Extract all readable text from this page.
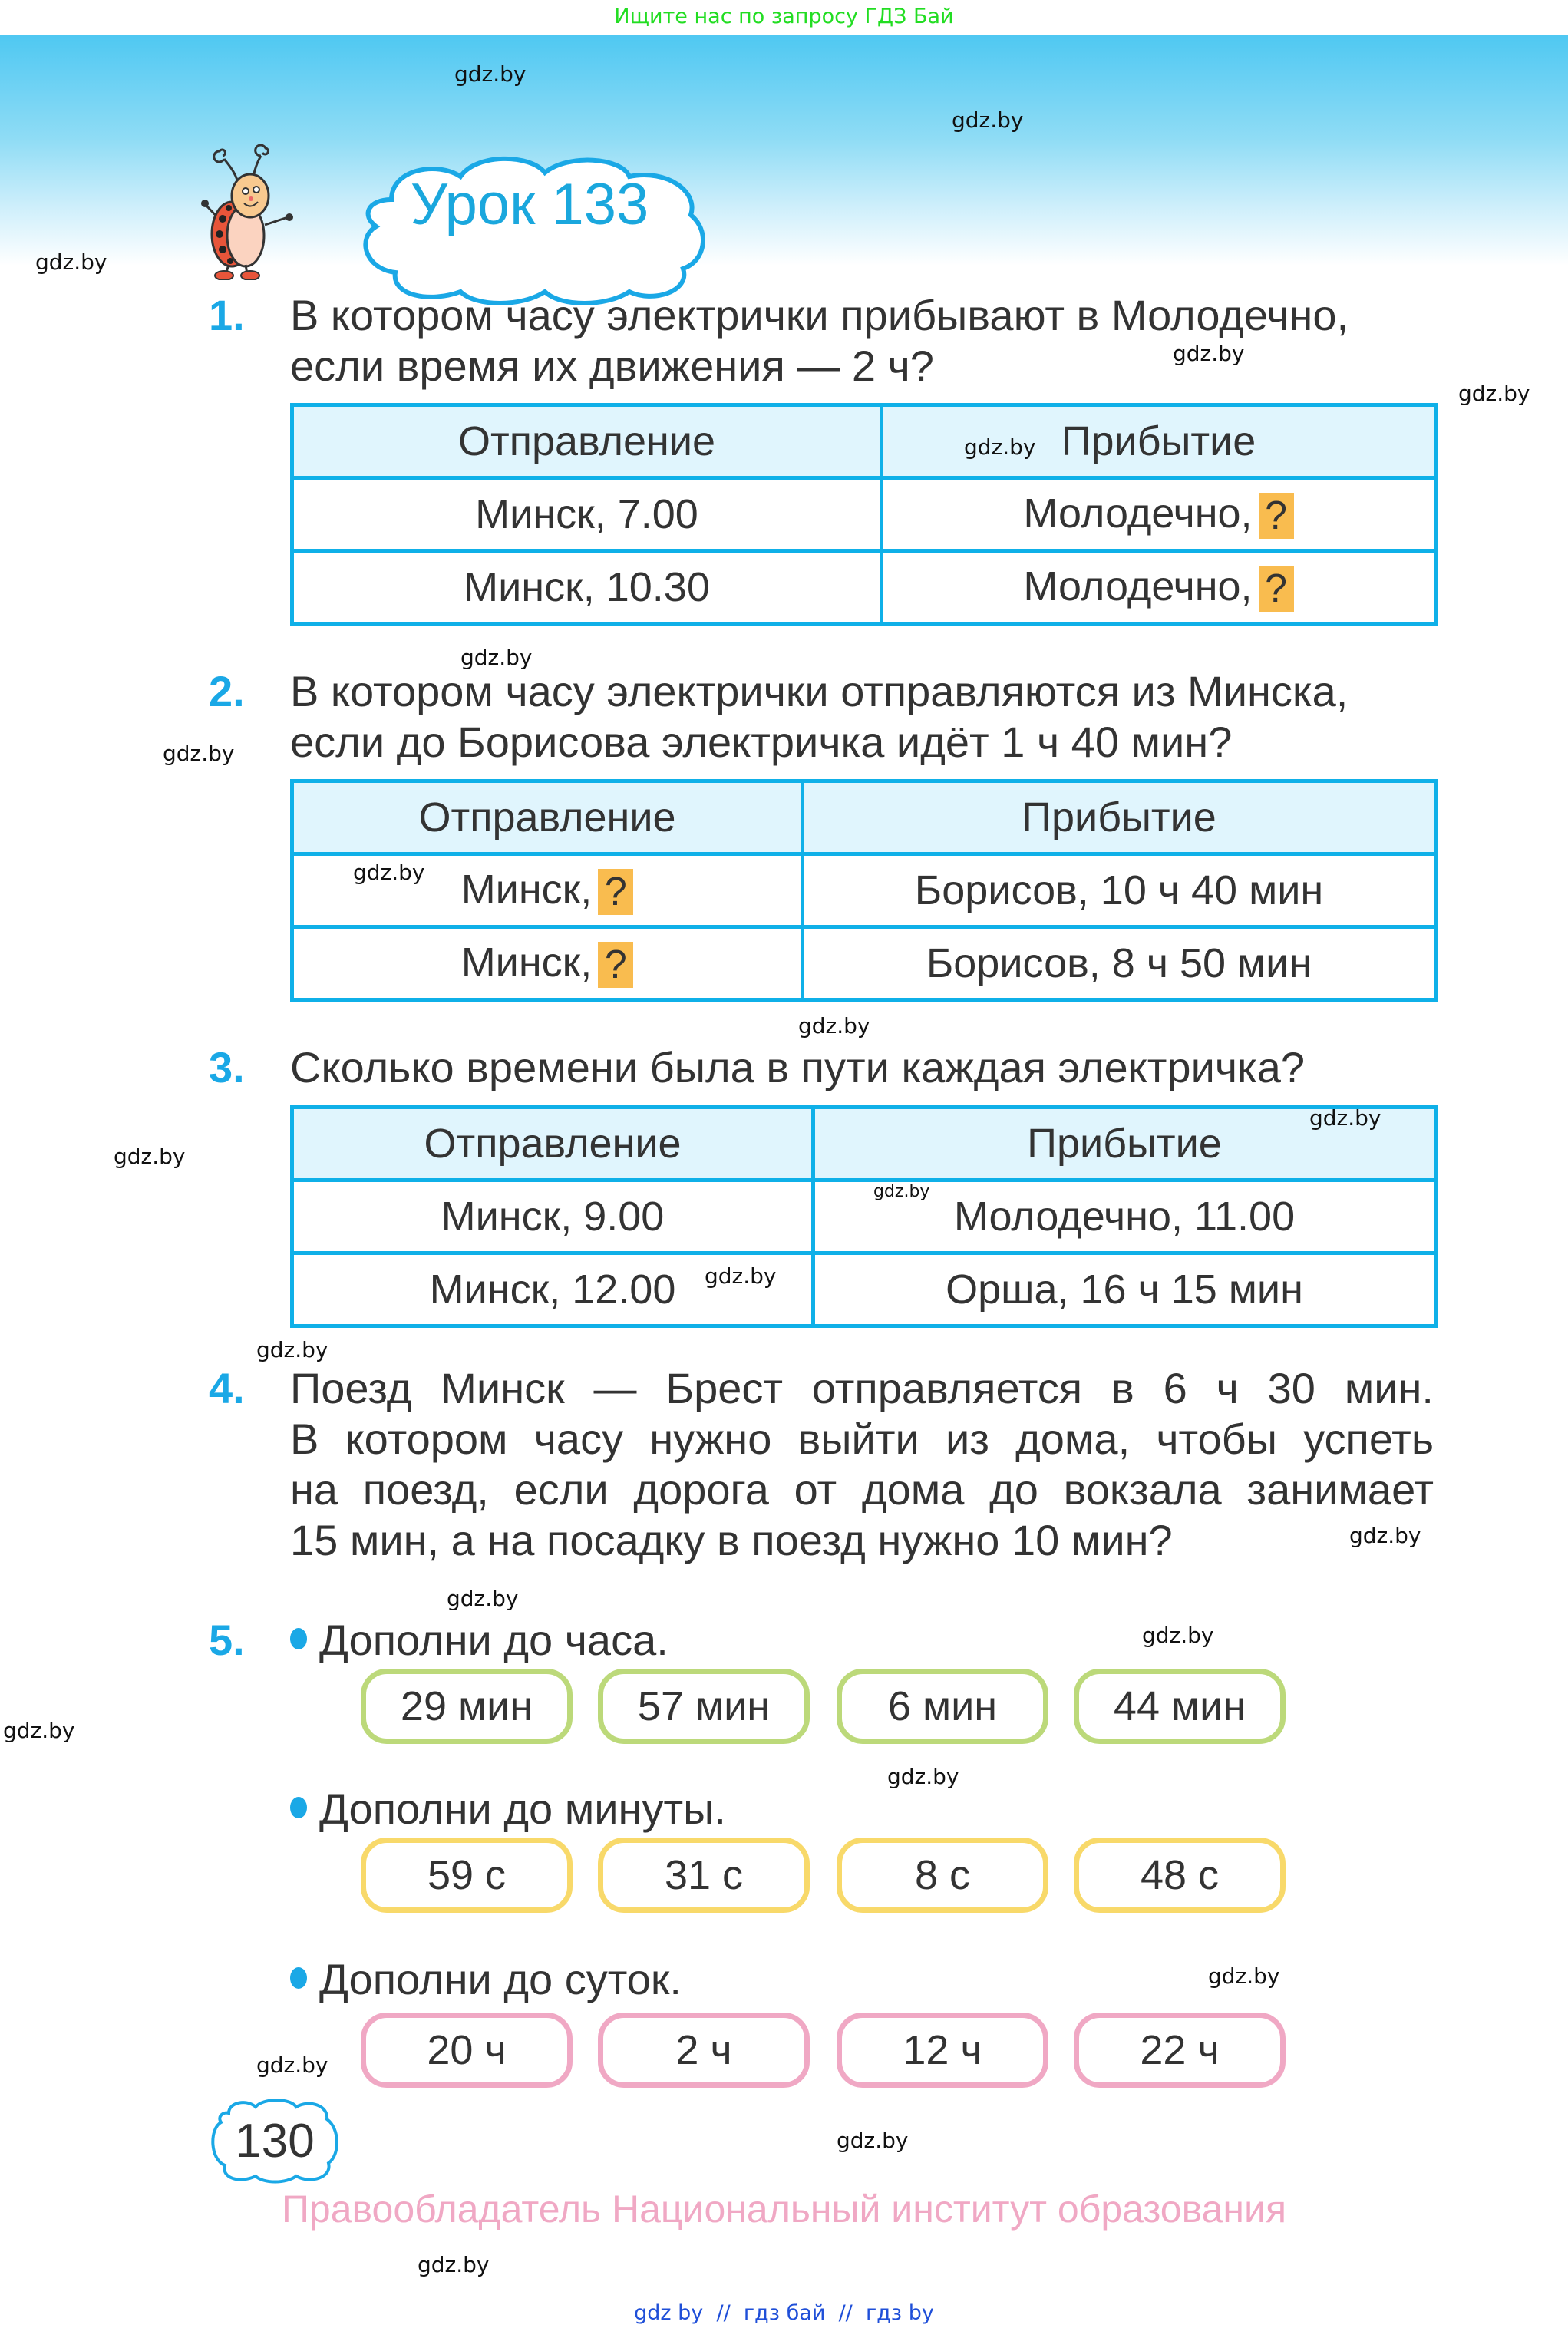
Ищите нас по запросу ГДЗ Бай
Урок 133
1. В котором часу электрички прибывают в Молодечно,
если время их движения — 2 ч?
Отправление	Прибытие
Минск, 7.00	Молодечно, ?
Минск, 10.30	Молодечно, ?
2. В котором часу электрички отправляются из Минска,
если до Борисова электричка идёт 1 ч 40 мин?
Отправление	Прибытие
Минск, ?	Борисов, 10 ч 40 мин
Минск, ?	Борисов, 8 ч 50 мин
3. Сколько времени была в пути каждая электричка?
Отправление	Прибытие
Минск, 9.00	Молодечно, 11.00
Минск, 12.00	Орша, 16 ч 15 мин
4. Поезд Минск — Брест отправляется в 6 ч 30 мин.
В котором часу нужно выйти из дома, чтобы успеть
на поезд, если дорога от дома до вокзала занимает
15 мин, а на посадку в поезд нужно 10 мин?
5.	Дополни до часа.
29 мин	57 мин	6 мин	44 мин
Дополни до минуты.
59 с	31 с	8 с	48 с
Дополни до суток.
20 ч	2 ч	12 ч	22 ч
130
Правообладатель Национальный институт образования
gdz by // гдз бай // гдз by
gdz.by
gdz.by
gdz.by
gdz.by
gdz.by
gdz.by
gdz.by
gdz.by
gdz.by
gdz.by
gdz.by
gdz.by
gdz.by
gdz.by
gdz.by
gdz.by
gdz.by
gdz.by
gdz.by
gdz.by
gdz.by
gdz.by
gdz.by
gdz.by
